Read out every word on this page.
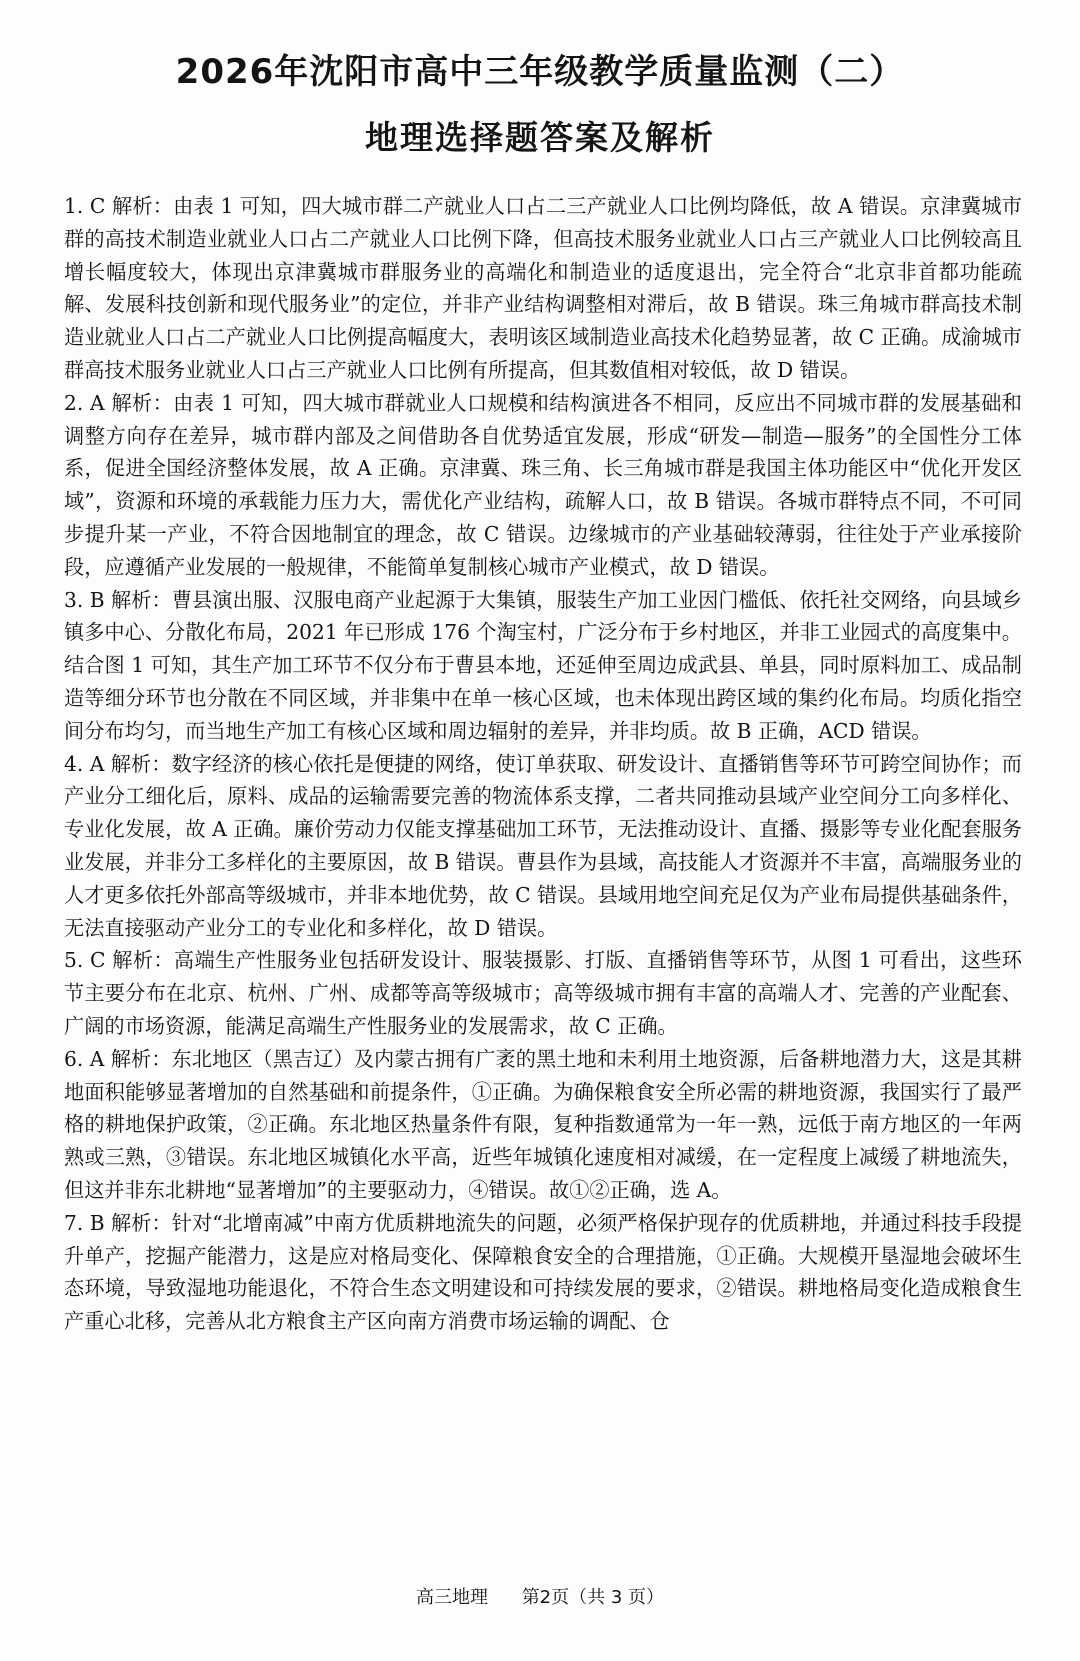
2026年沈阳市高中三年级教学质量监测（二）
地理选择题答案及解析

1. C 解析：由表 1 可知，四大城市群二产就业人口占二三产就业人口比例均降低，故 A 错误。京津冀城市群的高技术制造业就业人口占二产就业人口比例下降，但高技术服务业就业人口占三产就业人口比例较高且增长幅度较大，体现出京津冀城市群服务业的高端化和制造业的适度退出，完全符合“北京非首都功能疏解、发展科技创新和现代服务业”的定位，并非产业结构调整相对滞后，故 B 错误。珠三角城市群高技术制造业就业人口占二产就业人口比例提高幅度大，表明该区域制造业高技术化趋势显著，故 C 正确。成渝城市群高技术服务业就业人口占三产就业人口比例有所提高，但其数值相对较低，故 D 错误。

2. A 解析：由表 1 可知，四大城市群就业人口规模和结构演进各不相同，反应出不同城市群的发展基础和调整方向存在差异，城市群内部及之间借助各自优势适宜发展，形成“研发—制造—服务”的全国性分工体系，促进全国经济整体发展，故 A 正确。京津冀、珠三角、长三角城市群是我国主体功能区中“优化开发区域”，资源和环境的承载能力压力大，需优化产业结构，疏解人口，故 B 错误。各城市群特点不同，不可同步提升某一产业，不符合因地制宜的理念，故 C 错误。边缘城市的产业基础较薄弱，往往处于产业承接阶段，应遵循产业发展的一般规律，不能简单复制核心城市产业模式，故 D 错误。

3. B 解析：曹县演出服、汉服电商产业起源于大集镇，服装生产加工业因门槛低、依托社交网络，向县域乡镇多中心、分散化布局，2021 年已形成 176 个淘宝村，广泛分布于乡村地区，并非工业园式的高度集中。结合图 1 可知，其生产加工环节不仅分布于曹县本地，还延伸至周边成武县、单县，同时原料加工、成品制造等细分环节也分散在不同区域，并非集中在单一核心区域，也未体现出跨区域的集约化布局。均质化指空间分布均匀，而当地生产加工有核心区域和周边辐射的差异，并非均质。故 B 正确，ACD 错误。

4. A 解析：数字经济的核心依托是便捷的网络，使订单获取、研发设计、直播销售等环节可跨空间协作；而产业分工细化后，原料、成品的运输需要完善的物流体系支撑，二者共同推动县域产业空间分工向多样化、专业化发展，故 A 正确。廉价劳动力仅能支撑基础加工环节，无法推动设计、直播、摄影等专业化配套服务业发展，并非分工多样化的主要原因，故 B 错误。曹县作为县域，高技能人才资源并不丰富，高端服务业的人才更多依托外部高等级城市，并非本地优势，故 C 错误。县域用地空间充足仅为产业布局提供基础条件，无法直接驱动产业分工的专业化和多样化，故 D 错误。

5. C 解析：高端生产性服务业包括研发设计、服装摄影、打版、直播销售等环节，从图 1 可看出，这些环节主要分布在北京、杭州、广州、成都等高等级城市；高等级城市拥有丰富的高端人才、完善的产业配套、广阔的市场资源，能满足高端生产性服务业的发展需求，故 C 正确。

6. A 解析：东北地区（黑吉辽）及内蒙古拥有广袤的黑土地和未利用土地资源，后备耕地潜力大，这是其耕地面积能够显著增加的自然基础和前提条件，①正确。为确保粮食安全所必需的耕地资源，我国实行了最严格的耕地保护政策，②正确。东北地区热量条件有限，复种指数通常为一年一熟，远低于南方地区的一年两熟或三熟，③错误。东北地区城镇化水平高，近些年城镇化速度相对减缓，在一定程度上减缓了耕地流失，但这并非东北耕地“显著增加”的主要驱动力，④错误。故①②正确，选 A。

7. B 解析：针对“北增南减”中南方优质耕地流失的问题，必须严格保护现存的优质耕地，并通过科技手段提升单产，挖掘产能潜力，这是应对格局变化、保障粮食安全的合理措施，①正确。大规模开垦湿地会破坏生态环境，导致湿地功能退化，不符合生态文明建设和可持续发展的要求，②错误。耕地格局变化造成粮食生产重心北移，完善从北方粮食主产区向南方消费市场运输的调配、仓

高三地理 第2页（共 3 页）
